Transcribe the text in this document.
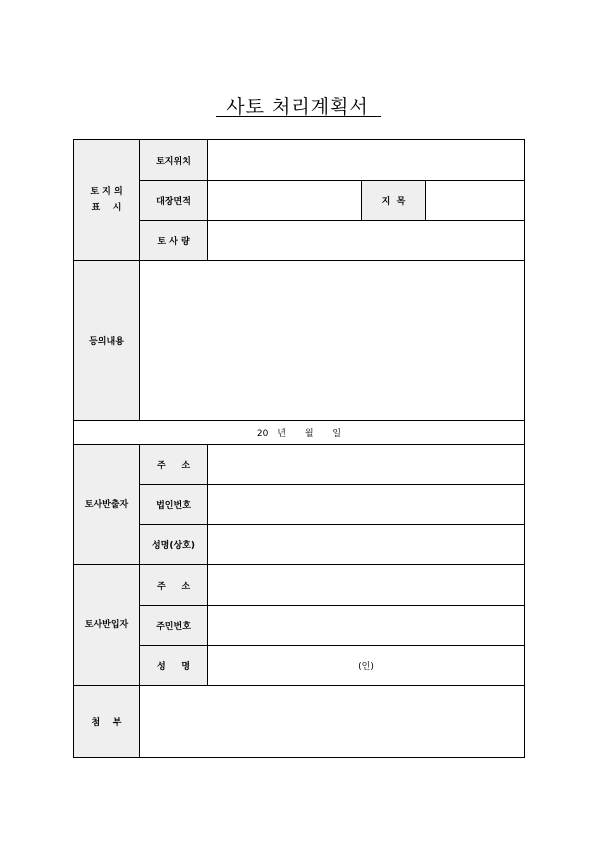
사토 처리계획서
토 지 의
표    시	토지위치			
	대장면적		지  목	
	토 사 량			
등의내용				
20 년 월 일				
토사반출자	주     소			
	법인번호			
	성명(상호)			
토사반입자	주     소			
	주민번호			
	성     명	(인)		
첨    부				
